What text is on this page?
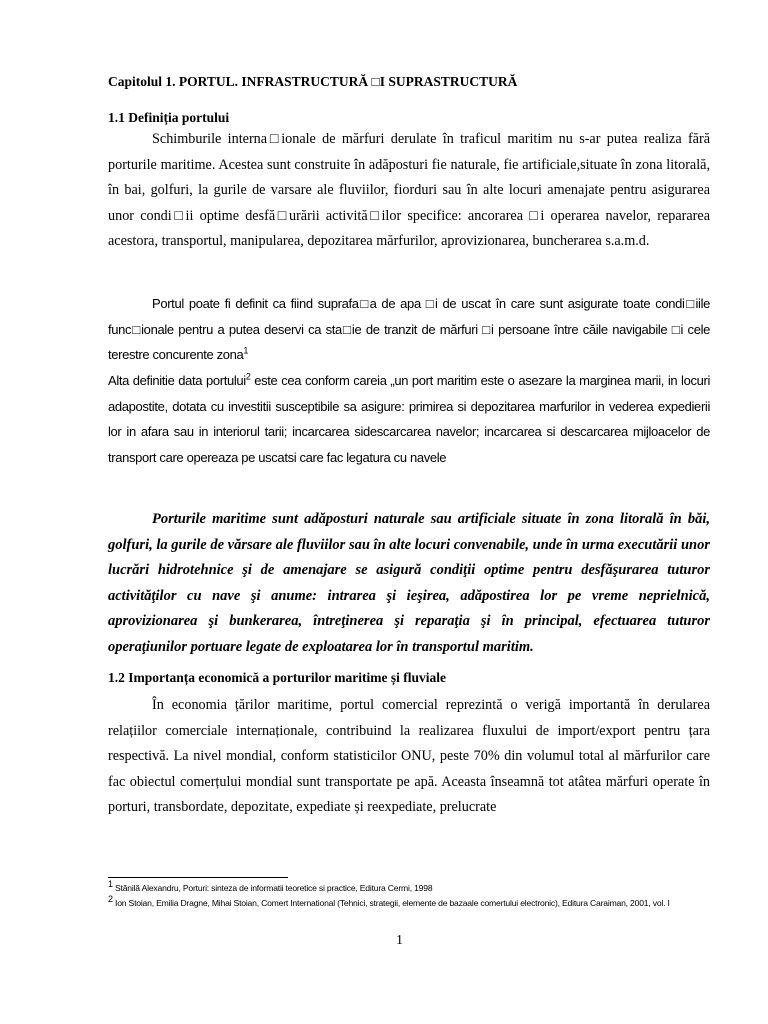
Capitolul 1. PORTUL. INFRASTRUCTURĂ □I SUPRASTRUCTURĂ
1.1 Definiția portului

Schimburile interna□ionale de mărfuri derulate în traficul maritim nu s-ar putea realiza fără porturile maritime. Acestea sunt construite în adăposturi fie naturale, fie artificiale,situate în zona litorală, în bai, golfuri, la gurile de varsare ale fluviilor, fiorduri sau în alte locuri amenajate pentru asigurarea unor condi□ii optime desfă□urării activită□ilor specifice: ancorarea □i operarea navelor, repararea acestora, transportul, manipularea, depozitarea mărfurilor, aprovizionarea, buncherarea s.a.m.d.

Portul poate fi definit ca fiind suprafa□a de apa □i de uscat în care sunt asigurate toate condi□iile func□ionale pentru a putea deservi ca sta□ie de tranzit de mărfuri □i persoane între căile navigabile □i cele terestre concurente zona$^1$

Alta definitie data portului$^2$ este cea conform careia „un port maritim este o asezare la marginea marii, in locuri adapostite, dotata cu investitii susceptibile sa asigure: primirea si depozitarea marfurilor in vederea expedierii lor in afara sau in interiorul tarii; incarcarea sidescarcarea navelor; incarcarea si descarcarea mijloacelor de transport care opereaza pe uscatsi care fac legatura cu navele

Porturile maritime sunt adăposturi naturale sau artificiale situate în zona litorală în băi, golfuri, la gurile de vărsare ale fluviilor sau în alte locuri convenabile, unde în urma executării unor lucrări hidrotehnice şi de amenajare se asigură condiţii optime pentru desfăşurarea tuturor activităţilor cu nave şi anume: intrarea şi ieşirea, adăpostirea lor pe vreme neprielnică, aprovizionarea şi bunkerarea, întreţinerea şi reparaţia şi în principal, efectuarea tuturor operaţiunilor portuare legate de exploatarea lor în transportul maritim.

1.2 Importanța economică a porturilor maritime și fluviale

În economia țărilor maritime, portul comercial reprezintă o verigă importantă în derularea relațiilor comerciale internaționale, contribuind la realizarea fluxului de import/export pentru țara respectivă. La nivel mondial, conform statisticilor ONU, peste 70% din volumul total al mărfurilor care fac obiectul comerțului mondial sunt transportate pe apă. Aceasta înseamnă tot atâtea mărfuri operate în porturi, transbordate, depozitate, expediate și reexpediate, prelucrate

$^1$ Stănilă Alexandru, Porturi: sinteza de informatii teoretice si practice, Editura Cermi, 1998
$^2$ Ion Stoian, Emilia Dragne, Mihai Stoian, Comert International (Tehnici, strategii, elemente de bazaale comertului electronic), Editura Caraiman, 2001, vol. I
1
